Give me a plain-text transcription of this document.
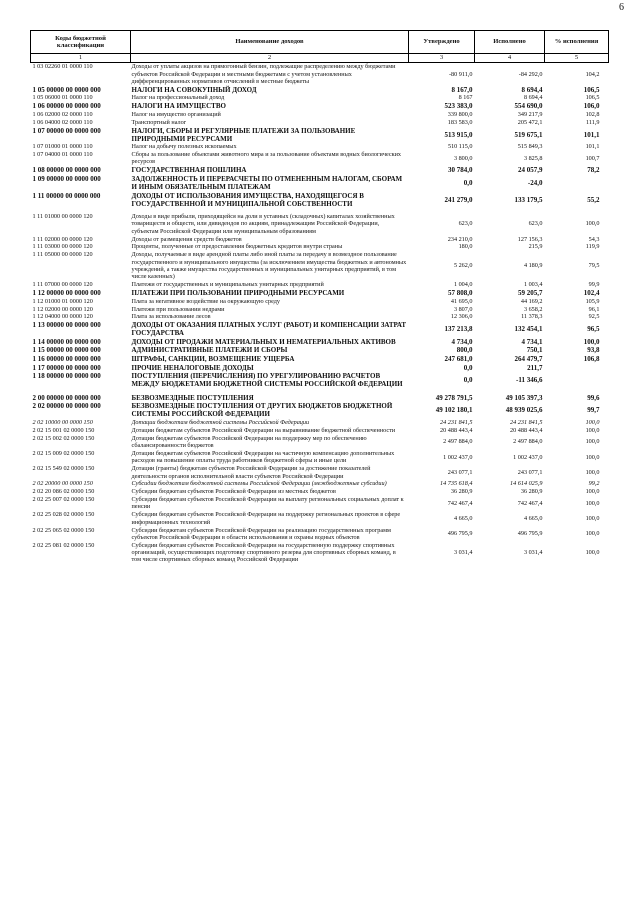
6
Коды бюджетной классификации	Наименование доходов	Утверждено	Исполнено	% исполнения
1	2	3	4	5
1 03 02260 01 0000 110	Доходы от уплаты акцизов на прямогонный бензин, подлежащие распределению между бюджетами субъектов Российской Федерации и местными бюджетами с учетом установленных дифференцированных нормативов отчислений в местные бюджеты	-80 911,0	-84 292,0	104,2
1 05 00000 00 0000 000	НАЛОГИ НА СОВОКУПНЫЙ ДОХОД	8 167,0	8 694,4	106,5
1 05 06000 01 0000 110	Налог на профессиональный доход	8 167	8 694,4	106,5
1 06 00000 00 0000 000	НАЛОГИ НА ИМУЩЕСТВО	523 383,0	554 690,0	106,0
1 06 02000 02 0000 110	Налог на имущество организаций	339 800,0	349 217,9	102,8
1 06 04000 02 0000 110	Транспортный налог	183 583,0	205 472,1	111,9
1 07 00000 00 0000 000	НАЛОГИ, СБОРЫ И РЕГУЛЯРНЫЕ ПЛАТЕЖИ ЗА ПОЛЬЗОВАНИЕ ПРИРОДНЫМИ РЕСУРСАМИ	513 915,0	519 675,1	101,1
1 07 01000 01 0000 110	Налог на добычу полезных ископаемых	510 115,0	515 849,3	101,1
1 07 04000 01 0000 110	Сборы за пользование объектами животного мира и за пользование объектами водных биологических ресурсов	3 800,0	3 825,8	100,7
1 08 00000 00 0000 000	ГОСУДАРСТВЕННАЯ ПОШЛИНА	30 784,0	24 057,9	78,2
1 09 00000 00 0000 000	ЗАДОЛЖЕННОСТЬ И ПЕРЕРАСЧЕТЫ ПО ОТМЕНЕННЫМ НАЛОГАМ, СБОРАМ И ИНЫМ ОБЯЗАТЕЛЬНЫМ ПЛАТЕЖАМ	0,0	-24,0	
1 11 00000 00 0000 000	ДОХОДЫ ОТ ИСПОЛЬЗОВАНИЯ ИМУЩЕСТВА, НАХОДЯЩЕГОСЯ В ГОСУДАРСТВЕННОЙ И МУНИЦИПАЛЬНОЙ СОБСТВЕННОСТИ	241 279,0	133 179,5	55,2

1 11 01000 00 0000 120	Доходы в виде прибыли, приходящейся на доли в уставных (складочных) капиталах хозяйственных товариществ и обществ, или дивидендов по акциям, принадлежащим Российской Федерации, субъектам Российской Федерации или муниципальным образованиям	623,0	623,0	100,0
1 11 02000 00 0000 120	Доходы от размещения средств бюджетов	234 210,0	127 156,3	54,3
1 11 03000 00 0000 120	Проценты, полученные от предоставления бюджетных кредитов внутри страны	180,0	215,9	119,9
1 11 05000 00 0000 120	Доходы, получаемые в виде арендной платы либо иной платы за передачу в возмездное пользование государственного и муниципального имущества (за исключением имущества бюджетных и автономных учреждений, а также имущества государственных и муниципальных унитарных предприятий, в том числе казенных)	5 262,0	4 180,9	79,5
1 11 07000 00 0000 120	Платежи от государственных и муниципальных унитарных предприятий	1 004,0	1 003,4	99,9
1 12 00000 00 0000 000	ПЛАТЕЖИ ПРИ ПОЛЬЗОВАНИИ ПРИРОДНЫМИ РЕСУРСАМИ	57 808,0	59 205,7	102,4
1 12 01000 01 0000 120	Плата за негативное воздействие на окружающую среду	41 695,0	44 169,2	105,9
1 12 02000 00 0000 120	Платежи при пользовании недрами	3 807,0	3 658,2	96,1
1 12 04000 00 0000 120	Плата за использование лесов	12 306,0	11 378,3	92,5
1 13 00000 00 0000 000	ДОХОДЫ ОТ ОКАЗАНИЯ ПЛАТНЫХ УСЛУГ (РАБОТ) И КОМПЕНСАЦИИ ЗАТРАТ ГОСУДАРСТВА	137 213,8	132 454,1	96,5
1 14 00000 00 0000 000	ДОХОДЫ ОТ ПРОДАЖИ МАТЕРИАЛЬНЫХ И НЕМАТЕРИАЛЬНЫХ АКТИВОВ	4 734,0	4 734,1	100,0
1 15 00000 00 0000 000	АДМИНИСТРАТИВНЫЕ ПЛАТЕЖИ И СБОРЫ	800,0	750,1	93,8
1 16 00000 00 0000 000	ШТРАФЫ, САНКЦИИ, ВОЗМЕЩЕНИЕ УЩЕРБА	247 681,0	264 479,7	106,8
1 17 00000 00 0000 000	ПРОЧИЕ НЕНАЛОГОВЫЕ ДОХОДЫ	0,0	211,7	
1 18 00000 00 0000 000	ПОСТУПЛЕНИЯ (ПЕРЕЧИСЛЕНИЯ) ПО УРЕГУЛИРОВАНИЮ РАСЧЕТОВ МЕЖДУ БЮДЖЕТАМИ БЮДЖЕТНОЙ СИСТЕМЫ РОССИЙСКОЙ ФЕДЕРАЦИИ	0,0	-11 346,6	

2 00 00000 00 0000 000	БЕЗВОЗМЕЗДНЫЕ ПОСТУПЛЕНИЯ	49 278 791,5	49 105 397,3	99,6
2 02 00000 00 0000 000	БЕЗВОЗМЕЗДНЫЕ ПОСТУПЛЕНИЯ ОТ ДРУГИХ БЮДЖЕТОВ БЮДЖЕТНОЙ СИСТЕМЫ РОССИЙСКОЙ ФЕДЕРАЦИИ	49 102 180,1	48 939 025,6	99,7
2 02 10000 00 0000 150	Дотации бюджетам бюджетной системы Российской Федерации	24 231 841,5	24 231 841,5	100,0
2 02 15 001 02 0000 150	Дотации бюджетам субъектов Российской Федерации на выравнивание бюджетной обеспеченности	20 488 443,4	20 488 443,4	100,0
2 02 15 002 02 0000 150	Дотации бюджетам субъектов Российской Федерации на поддержку мер по обеспечению сбалансированности бюджетов	2 497 884,0	2 497 884,0	100,0
2 02 15 009 02 0000 150	Дотации бюджетам субъектов Российской Федерации на частичную компенсацию дополнительных расходов на повышение оплаты труда работников бюджетной сферы и иные цели	1 002 437,0	1 002 437,0	100,0
2 02 15 549 02 0000 150	Дотации (гранты) бюджетам субъектов Российской Федерации за достижение показателей деятельности органов исполнительной власти субъектов Российской Федерации	243 077,1	243 077,1	100,0
2 02 20000 00 0000 150	Субсидии бюджетам бюджетной системы Российской Федерации (межбюджетные субсидии)	14 735 618,4	14 614 025,9	99,2
2 02 20 086 02 0000 150	Субсидии бюджетам субъектов Российской Федерации из местных бюджетов	36 280,9	36 280,9	100,0
2 02 25 007 02 0000 150	Субсидии бюджетам субъектов Российской Федерации на выплату региональных социальных доплат к пенсии	742 467,4	742 467,4	100,0
2 02 25 028 02 0000 150	Субсидии бюджетам субъектов Российской Федерации на поддержку региональных проектов в сфере информационных технологий	4 665,0	4 665,0	100,0
2 02 25 065 02 0000 150	Субсидии бюджетам субъектов Российской Федерации на реализацию государственных программ субъектов Российской Федерации в области использования и охраны водных объектов	496 795,9	496 795,9	100,0
2 02 25 081 02 0000 150	Субсидии бюджетам субъектов Российской Федерации на государственную поддержку спортивных организаций, осуществляющих подготовку спортивного резерва для спортивных сборных команд, в том числе спортивных сборных команд Российской Федерации	3 031,4	3 031,4	100,0
